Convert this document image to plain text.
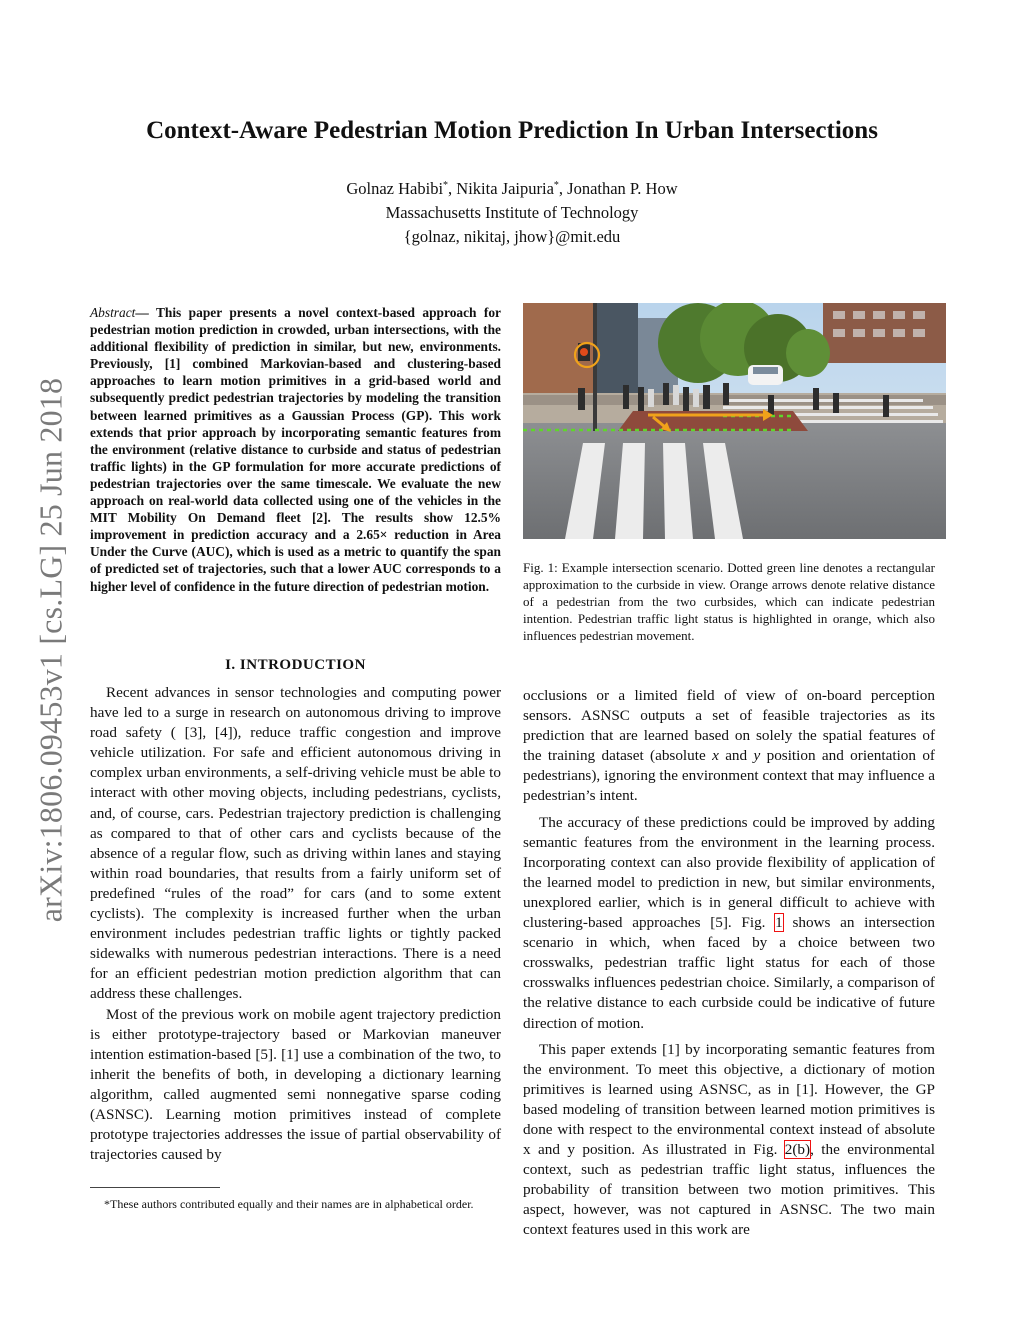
arXiv:1806.09453v1 [cs.LG] 25 Jun 2018
Context-Aware Pedestrian Motion Prediction In Urban Intersections
Golnaz Habibi*, Nikita Jaipuria*, Jonathan P. How
Massachusetts Institute of Technology
{golnaz, nikitaj, jhow}@mit.edu

Abstract— This paper presents a novel context-based approach for pedestrian motion prediction in crowded, urban intersections, with the additional flexibility of prediction in similar, but new, environments. Previously, [1] combined Markovian-based and clustering-based approaches to learn motion primitives in a grid-based world and subsequently predict pedestrian trajectories by modeling the transition between learned primitives as a Gaussian Process (GP). This work extends that prior approach by incorporating semantic features from the environment (relative distance to curbside and status of pedestrian traffic lights) in the GP formulation for more accurate predictions of pedestrian trajectories over the same timescale. We evaluate the new approach on real-world data collected using one of the vehicles in the MIT Mobility On Demand fleet [2]. The results show 12.5% improvement in prediction accuracy and a 2.65× reduction in Area Under the Curve (AUC), which is used as a metric to quantify the span of predicted set of trajectories, such that a lower AUC corresponds to a higher level of confidence in the future direction of pedestrian motion.

I. INTRODUCTION

Recent advances in sensor technologies and computing power have led to a surge in research on autonomous driving to improve road safety ( [3], [4]), reduce traffic congestion and improve vehicle utilization. For safe and efficient autonomous driving in complex urban environments, a self-driving vehicle must be able to interact with other moving objects, including pedestrians, cyclists, and, of course, cars. Pedestrian trajectory prediction is challenging as compared to that of other cars and cyclists because of the absence of a regular flow, such as driving within lanes and staying within road boundaries, that results from a fairly uniform set of predefined “rules of the road” for cars (and to some extent cyclists). The complexity is increased further when the urban environment includes pedestrian traffic lights or tightly packed sidewalks with numerous pedestrian interactions. There is a need for an efficient pedestrian motion prediction algorithm that can address these challenges.

Most of the previous work on mobile agent trajectory prediction is either prototype-trajectory based or Markovian maneuver intention estimation-based [5]. [1] use a combination of the two, to inherit the benefits of both, in developing a dictionary learning algorithm, called augmented semi nonnegative sparse coding (ASNSC). Learning motion primitives instead of complete prototype trajectories addresses the issue of partial observability of trajectories caused by

*These authors contributed equally and their names are in alphabetical order.
Fig. 1: Example intersection scenario. Dotted green line denotes a rectangular approximation to the curbside in view. Orange arrows denote relative distance of a pedestrian from the two curbsides, which can indicate pedestrian intention. Pedestrian traffic light status is highlighted in orange, which also influences pedestrian movement.

occlusions or a limited field of view of on-board perception sensors. ASNSC outputs a set of feasible trajectories as its prediction that are learned based on solely the spatial features of the training dataset (absolute x and y position and orientation of pedestrians), ignoring the environment context that may influence a pedestrian’s intent.

The accuracy of these predictions could be improved by adding semantic features from the environment in the learning process. Incorporating context can also provide flexibility of application of the learned model to prediction in new, but similar environments, unexplored earlier, which is in general difficult to achieve with clustering-based approaches [5]. Fig. 1 shows an intersection scenario in which, when faced by a choice between two crosswalks, pedestrian traffic light status for each of those crosswalks influences pedestrian choice. Similarly, a comparison of the relative distance to each curbside could be indicative of future direction of motion.

This paper extends [1] by incorporating semantic features from the environment. To meet this objective, a dictionary of motion primitives is learned using ASNSC, as in [1]. However, the GP based modeling of transition between learned motion primitives is done with respect to the environmental context instead of absolute x and y position. As illustrated in Fig. 2(b), the environmental context, such as pedestrian traffic light status, influences the probability of transition between two motion primitives. This aspect, however, was not captured in ASNSC. The two main context features used in this work are
